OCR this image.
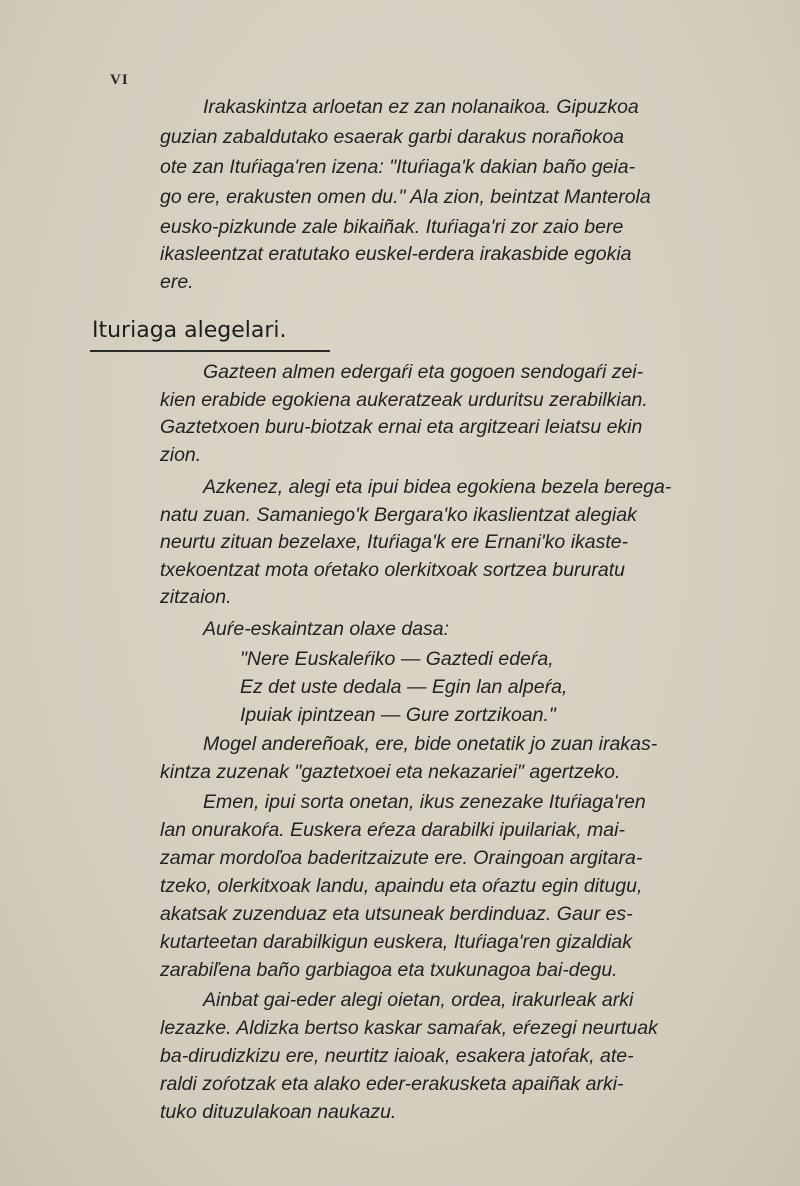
VI
Irakaskintza arloetan ez zan nolanaikoa. Gipuzkoa
guzian zabaldutako esaerak garbi darakus norañokoa
ote zan Ituŕiaga'ren izena: "Ituŕiaga'k dakian baño geia-
go ere, erakusten omen du." Ala zion, beintzat Manterola
eusko-pizkunde zale bikaiñak. Ituŕiaga'ri zor zaio bere
ikasleentzat eratutako euskel-erdera irakasbide egokia
ere.
Ituriaga alegelari.
Gazteen almen edergaŕi eta gogoen sendogaŕi zei-
kien erabide egokiena aukeratzeak urduritsu zerabilkian.
Gaztetxoen buru-biotzak ernai eta argitzeari leiatsu ekin
zion.
Azkenez, alegi eta ipui bidea egokiena bezela berega-
natu zuan. Samaniego'k Bergara'ko ikaslientzat alegiak
neurtu zituan bezelaxe, Ituŕiaga'k ere Ernani'ko ikaste-
txekoentzat mota oŕetako olerkitxoak sortzea bururatu
zitzaion.
Auŕe-eskaintzan olaxe dasa:
"Nere Euskaleŕiko — Gaztedi edeŕa,
Ez det uste dedala — Egin lan alpeŕa,
Ipuiak ipintzean — Gure zortzikoan."
Mogel andereñoak, ere, bide onetatik jo zuan irakas-
kintza zuzenak "gaztetxoei eta nekazariei" agertzeko.
Emen, ipui sorta onetan, ikus zenezake Ituŕiaga'ren
lan onurakoŕa. Euskera eŕeza darabilki ipuilariak, mai-
zamar mordoľoa baderitzaizute ere. Oraingoan argitara-
tzeko, olerkitxoak landu, apaindu eta oŕaztu egin ditugu,
akatsak zuzenduaz eta utsuneak berdinduaz. Gaur es-
kutarteetan darabilkigun euskera, Ituŕiaga'ren gizaldiak
zarabiľena baño garbiagoa eta txukunagoa bai-degu.
Ainbat gai-eder alegi oietan, ordea, irakurleak arki
lezazke. Aldizka bertso kaskar samaŕak, eŕezegi neurtuak
ba-dirudizkizu ere, neurtitz iaioak, esakera jatoŕak, ate-
raldi zoŕotzak eta alako eder-erakusketa apaiñak arki-
tuko dituzulakoan naukazu.
